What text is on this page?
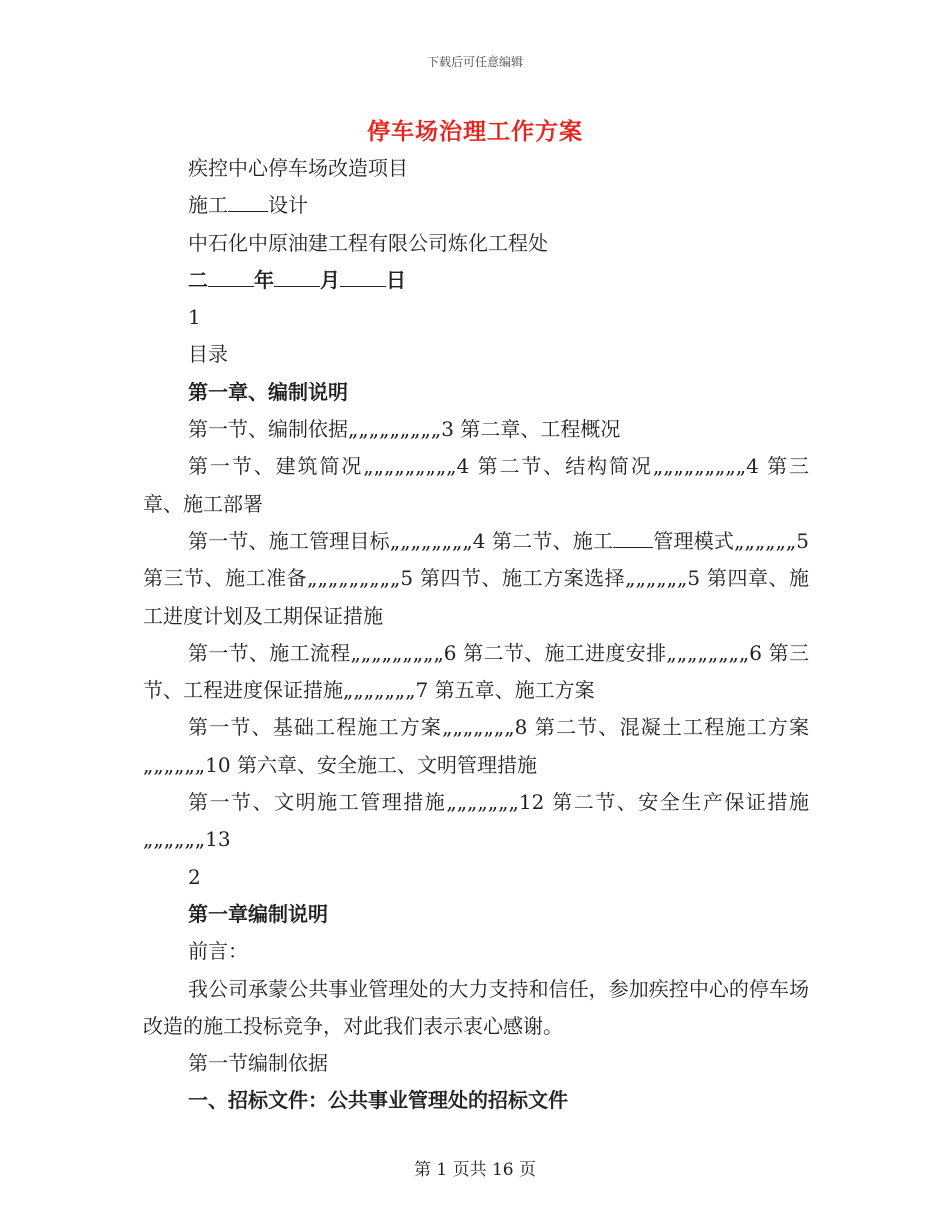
下载后可任意编辑
停车场治理工作方案

疾控中心停车场改造项目

施工 设计

中石化中原油建工程有限公司炼化工程处

二 年 月 日

1

目录

第一章、编制说明

第一节、编制依据„„„„„„„„„3 第二章、工程概况

第一节、建筑简况„„„„„„„„„4 第二节、结构简况„„„„„„„„„4 第三章、施工部署

第一节、施工管理目标„„„„„„„„4 第二节、施工 管理模式„„„„„„5 第三节、施工准备„„„„„„„„„5 第四节、施工方案选择„„„„„„5 第四章、施工进度计划及工期保证措施

第一节、施工流程„„„„„„„„„6 第二节、施工进度安排„„„„„„„„6 第三节、工程进度保证措施„„„„„„„7 第五章、施工方案

第一节、基础工程施工方案„„„„„„„8 第二节、混凝土工程施工方案„„„„„„10 第六章、安全施工、文明管理措施

第一节、文明施工管理措施„„„„„„„12 第二节、安全生产保证措施„„„„„„13

2

第一章编制说明

前言：

我公司承蒙公共事业管理处的大力支持和信任，参加疾控中心的停车场改造的施工投标竞争，对此我们表示衷心感谢。

第一节编制依据

一、招标文件：公共事业管理处的招标文件

第 1 页共 16 页
